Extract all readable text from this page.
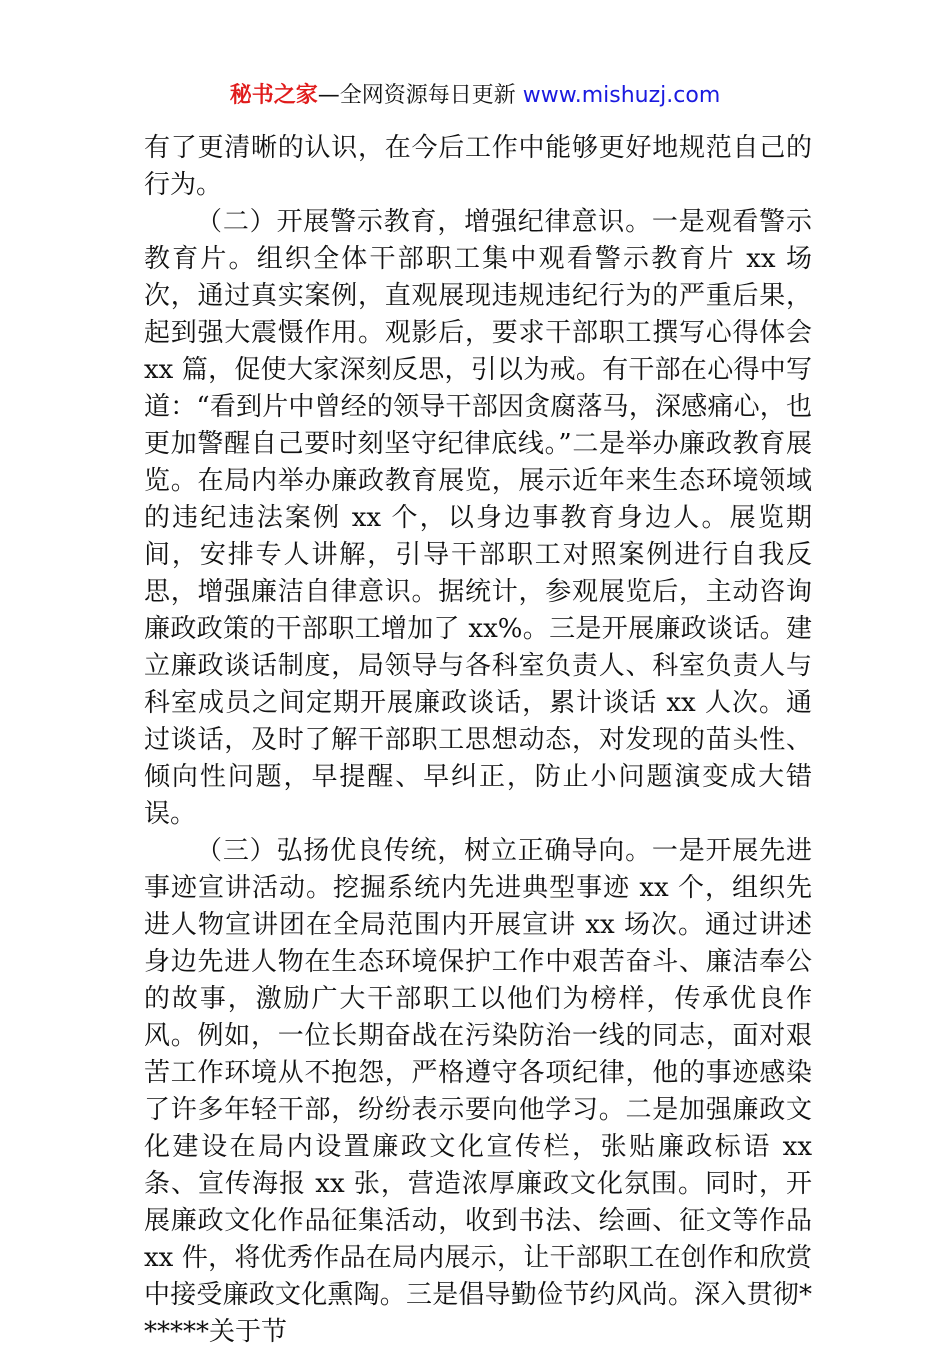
秘书之家—全网资源每日更新 www.mishuzj.com

有了更清晰的认识，在今后工作中能够更好地规范自己的行为。

（二）开展警示教育，增强纪律意识。一是观看警示教育片。组织全体干部职工集中观看警示教育片 xx 场次，通过真实案例，直观展现违规违纪行为的严重后果，起到强大震慑作用。观影后，要求干部职工撰写心得体会 xx 篇，促使大家深刻反思，引以为戒。有干部在心得中写道：“看到片中曾经的领导干部因贪腐落马，深感痛心，也更加警醒自己要时刻坚守纪律底线。”二是举办廉政教育展览。在局内举办廉政教育展览，展示近年来生态环境领域的违纪违法案例 xx 个，以身边事教育身边人。展览期间，安排专人讲解，引导干部职工对照案例进行自我反思，增强廉洁自律意识。据统计，参观展览后，主动咨询廉政政策的干部职工增加了 xx%。三是开展廉政谈话。建立廉政谈话制度，局领导与各科室负责人、科室负责人与科室成员之间定期开展廉政谈话，累计谈话 xx 人次。通过谈话，及时了解干部职工思想动态，对发现的苗头性、倾向性问题，早提醒、早纠正，防止小问题演变成大错误。

（三）弘扬优良传统，树立正确导向。一是开展先进事迹宣讲活动。挖掘系统内先进典型事迹 xx 个，组织先进人物宣讲团在全局范围内开展宣讲 xx 场次。通过讲述身边先进人物在生态环境保护工作中艰苦奋斗、廉洁奉公的故事，激励广大干部职工以他们为榜样，传承优良作风。例如，一位长期奋战在污染防治一线的同志，面对艰苦工作环境从不抱怨，严格遵守各项纪律，他的事迹感染了许多年轻干部，纷纷表示要向他学习。二是加强廉政文化建设在局内设置廉政文化宣传栏，张贴廉政标语 xx 条、宣传海报 xx 张，营造浓厚廉政文化氛围。同时，开展廉政文化作品征集活动，收到书法、绘画、征文等作品 xx 件，将优秀作品在局内展示，让干部职工在创作和欣赏中接受廉政文化熏陶。三是倡导勤俭节约风尚。深入贯彻******关于节
